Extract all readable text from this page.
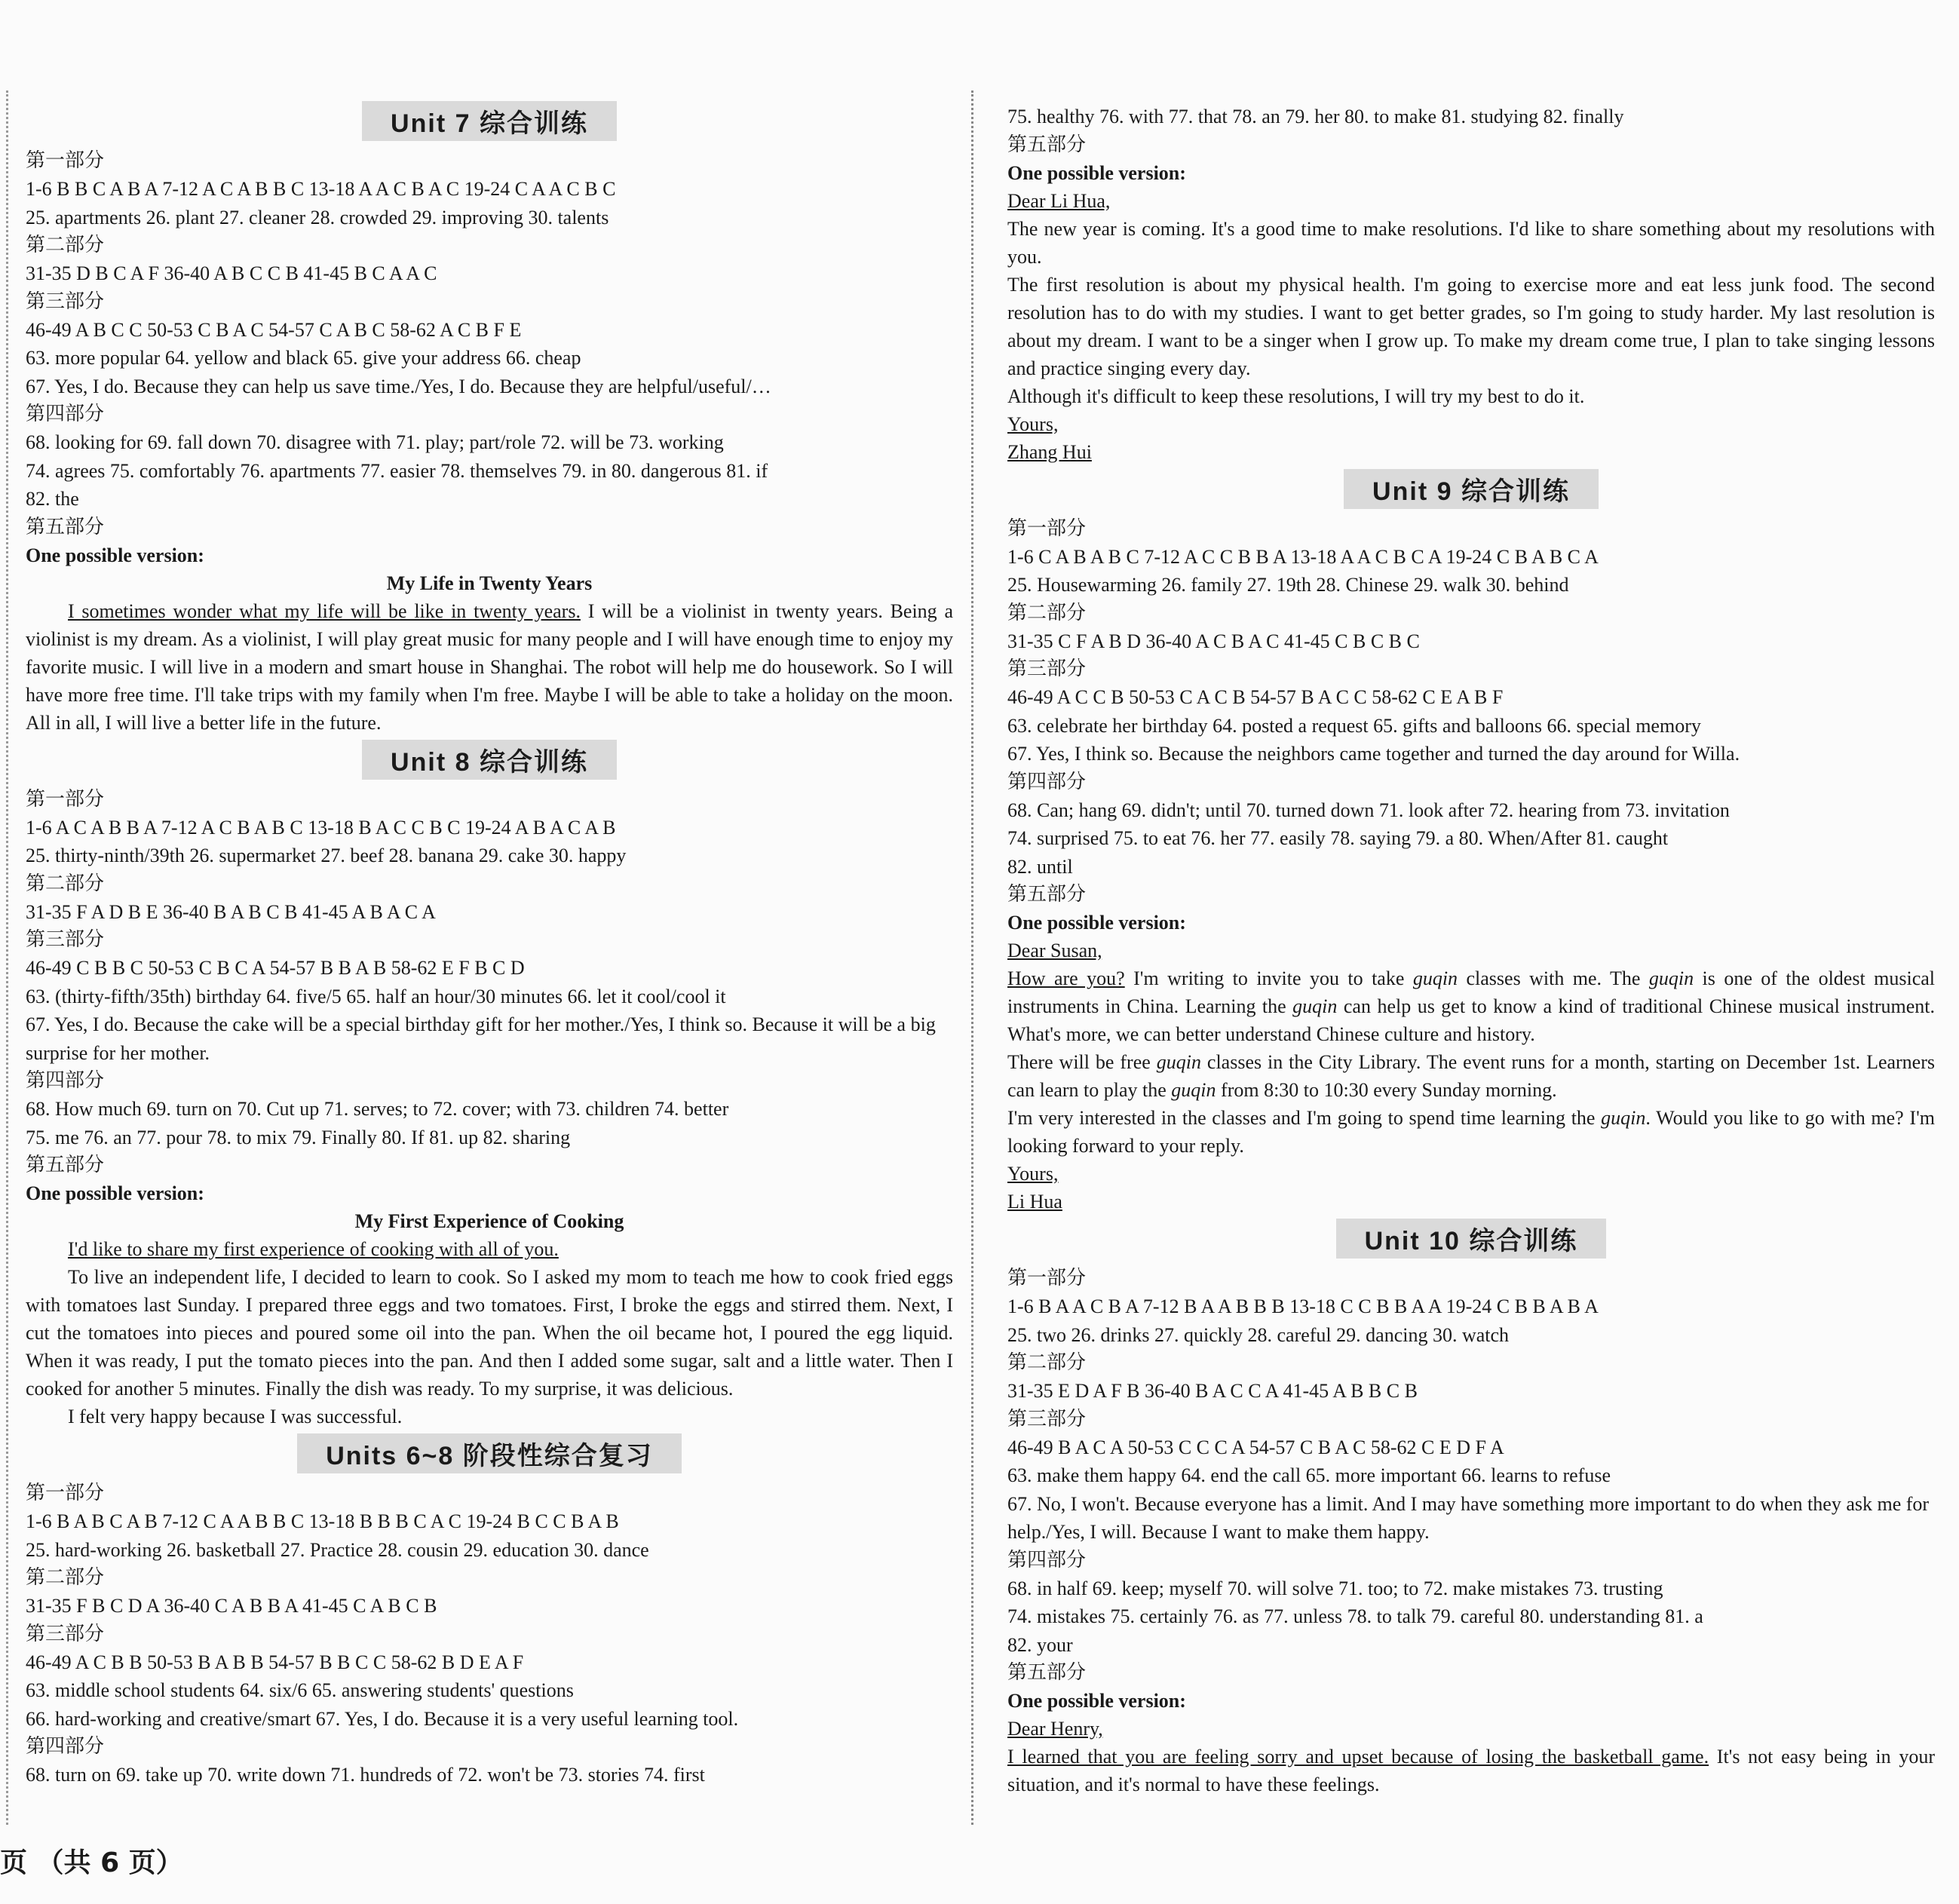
Unit 7 综合训练
第一部分
1-6 B B C A B A 7-12 A C A B B C 13-18 A A C B A C 19-24 C A A C B C
25. apartments 26. plant 27. cleaner 28. crowded 29. improving 30. talents
第二部分
31-35 D B C A F 36-40 A B C C B 41-45 B C A A C
第三部分
46-49 A B C C 50-53 C B A C 54-57 C A B C 58-62 A C B F E
63. more popular 64. yellow and black 65. give your address 66. cheap
67. Yes, I do. Because they can help us save time./Yes, I do. Because they are helpful/useful/…
第四部分
68. looking for 69. fall down 70. disagree with 71. play; part/role 72. will be 73. working
74. agrees 75. comfortably 76. apartments 77. easier 78. themselves 79. in 80. dangerous 81. if
82. the
第五部分
One possible version:
My Life in Twenty Years
I sometimes wonder what my life will be like in twenty years. I will be a violinist in twenty years. Being a violinist is my dream. As a violinist, I will play great music for many people and I will have enough time to enjoy my favorite music. I will live in a modern and smart house in Shanghai. The robot will help me do housework. So I will have more free time. I'll take trips with my family when I'm free. Maybe I will be able to take a holiday on the moon. All in all, I will live a better life in the future.
Unit 8 综合训练
第一部分
1-6 A C A B B A 7-12 A C B A B C 13-18 B A C C B C 19-24 A B A C A B
25. thirty-ninth/39th 26. supermarket 27. beef 28. banana 29. cake 30. happy
第二部分
31-35 F A D B E 36-40 B A B C B 41-45 A B A C A
第三部分
46-49 C B B C 50-53 C B C A 54-57 B B A B 58-62 E F B C D
63. (thirty-fifth/35th) birthday 64. five/5 65. half an hour/30 minutes 66. let it cool/cool it
67. Yes, I do. Because the cake will be a special birthday gift for her mother./Yes, I think so. Because it will be a big surprise for her mother.
第四部分
68. How much 69. turn on 70. Cut up 71. serves; to 72. cover; with 73. children 74. better
75. me 76. an 77. pour 78. to mix 79. Finally 80. If 81. up 82. sharing
第五部分
One possible version:
My First Experience of Cooking
I'd like to share my first experience of cooking with all of you.
To live an independent life, I decided to learn to cook. So I asked my mom to teach me how to cook fried eggs with tomatoes last Sunday. I prepared three eggs and two tomatoes. First, I broke the eggs and stirred them. Next, I cut the tomatoes into pieces and poured some oil into the pan. When the oil became hot, I poured the egg liquid. When it was ready, I put the tomato pieces into the pan. And then I added some sugar, salt and a little water. Then I cooked for another 5 minutes. Finally the dish was ready. To my surprise, it was delicious.
I felt very happy because I was successful.
Units 6~8 阶段性综合复习
第一部分
1-6 B A B C A B 7-12 C A A B B C 13-18 B B B C A C 19-24 B C C B A B
25. hard-working 26. basketball 27. Practice 28. cousin 29. education 30. dance
第二部分
31-35 F B C D A 36-40 C A B B A 41-45 C A B C B
第三部分
46-49 A C B B 50-53 B A B B 54-57 B B C C 58-62 B D E A F
63. middle school students 64. six/6 65. answering students' questions
66. hard-working and creative/smart 67. Yes, I do. Because it is a very useful learning tool.
第四部分
68. turn on 69. take up 70. write down 71. hundreds of 72. won't be 73. stories 74. first
75. healthy 76. with 77. that 78. an 79. her 80. to make 81. studying 82. finally
第五部分
One possible version:
Dear Li Hua,
The new year is coming. It's a good time to make resolutions. I'd like to share something about my resolutions with you.
The first resolution is about my physical health. I'm going to exercise more and eat less junk food. The second resolution has to do with my studies. I want to get better grades, so I'm going to study harder. My last resolution is about my dream. I want to be a singer when I grow up. To make my dream come true, I plan to take singing lessons and practice singing every day.
Although it's difficult to keep these resolutions, I will try my best to do it.
Yours,
Zhang Hui
Unit 9 综合训练
第一部分
1-6 C A B A B C 7-12 A C C B B A 13-18 A A C B C A 19-24 C B A B C A
25. Housewarming 26. family 27. 19th 28. Chinese 29. walk 30. behind
第二部分
31-35 C F A B D 36-40 A C B A C 41-45 C B C B C
第三部分
46-49 A C C B 50-53 C A C B 54-57 B A C C 58-62 C E A B F
63. celebrate her birthday 64. posted a request 65. gifts and balloons 66. special memory
67. Yes, I think so. Because the neighbors came together and turned the day around for Willa.
第四部分
68. Can; hang 69. didn't; until 70. turned down 71. look after 72. hearing from 73. invitation
74. surprised 75. to eat 76. her 77. easily 78. saying 79. a 80. When/After 81. caught
82. until
第五部分
One possible version:
Dear Susan,
How are you? I'm writing to invite you to take guqin classes with me. The guqin is one of the oldest musical instruments in China. Learning the guqin can help us get to know a kind of traditional Chinese musical instrument. What's more, we can better understand Chinese culture and history.
There will be free guqin classes in the City Library. The event runs for a month, starting on December 1st. Learners can learn to play the guqin from 8:30 to 10:30 every Sunday morning.
I'm very interested in the classes and I'm going to spend time learning the guqin. Would you like to go with me? I'm looking forward to your reply.
Yours,
Li Hua
Unit 10 综合训练
第一部分
1-6 B A A C B A 7-12 B A A B B B 13-18 C C B B A A 19-24 C B B A B A
25. two 26. drinks 27. quickly 28. careful 29. dancing 30. watch
第二部分
31-35 E D A F B 36-40 B A C C A 41-45 A B B C B
第三部分
46-49 B A C A 50-53 C C C A 54-57 C B A C 58-62 C E D F A
63. make them happy 64. end the call 65. more important 66. learns to refuse
67. No, I won't. Because everyone has a limit. And I may have something more important to do when they ask me for help./Yes, I will. Because I want to make them happy.
第四部分
68. in half 69. keep; myself 70. will solve 71. too; to 72. make mistakes 73. trusting
74. mistakes 75. certainly 76. as 77. unless 78. to talk 79. careful 80. understanding 81. a
82. your
第五部分
One possible version:
Dear Henry,
I learned that you are feeling sorry and upset because of losing the basketball game. It's not easy being in your situation, and it's normal to have these feelings.
页 （共 6 页）
